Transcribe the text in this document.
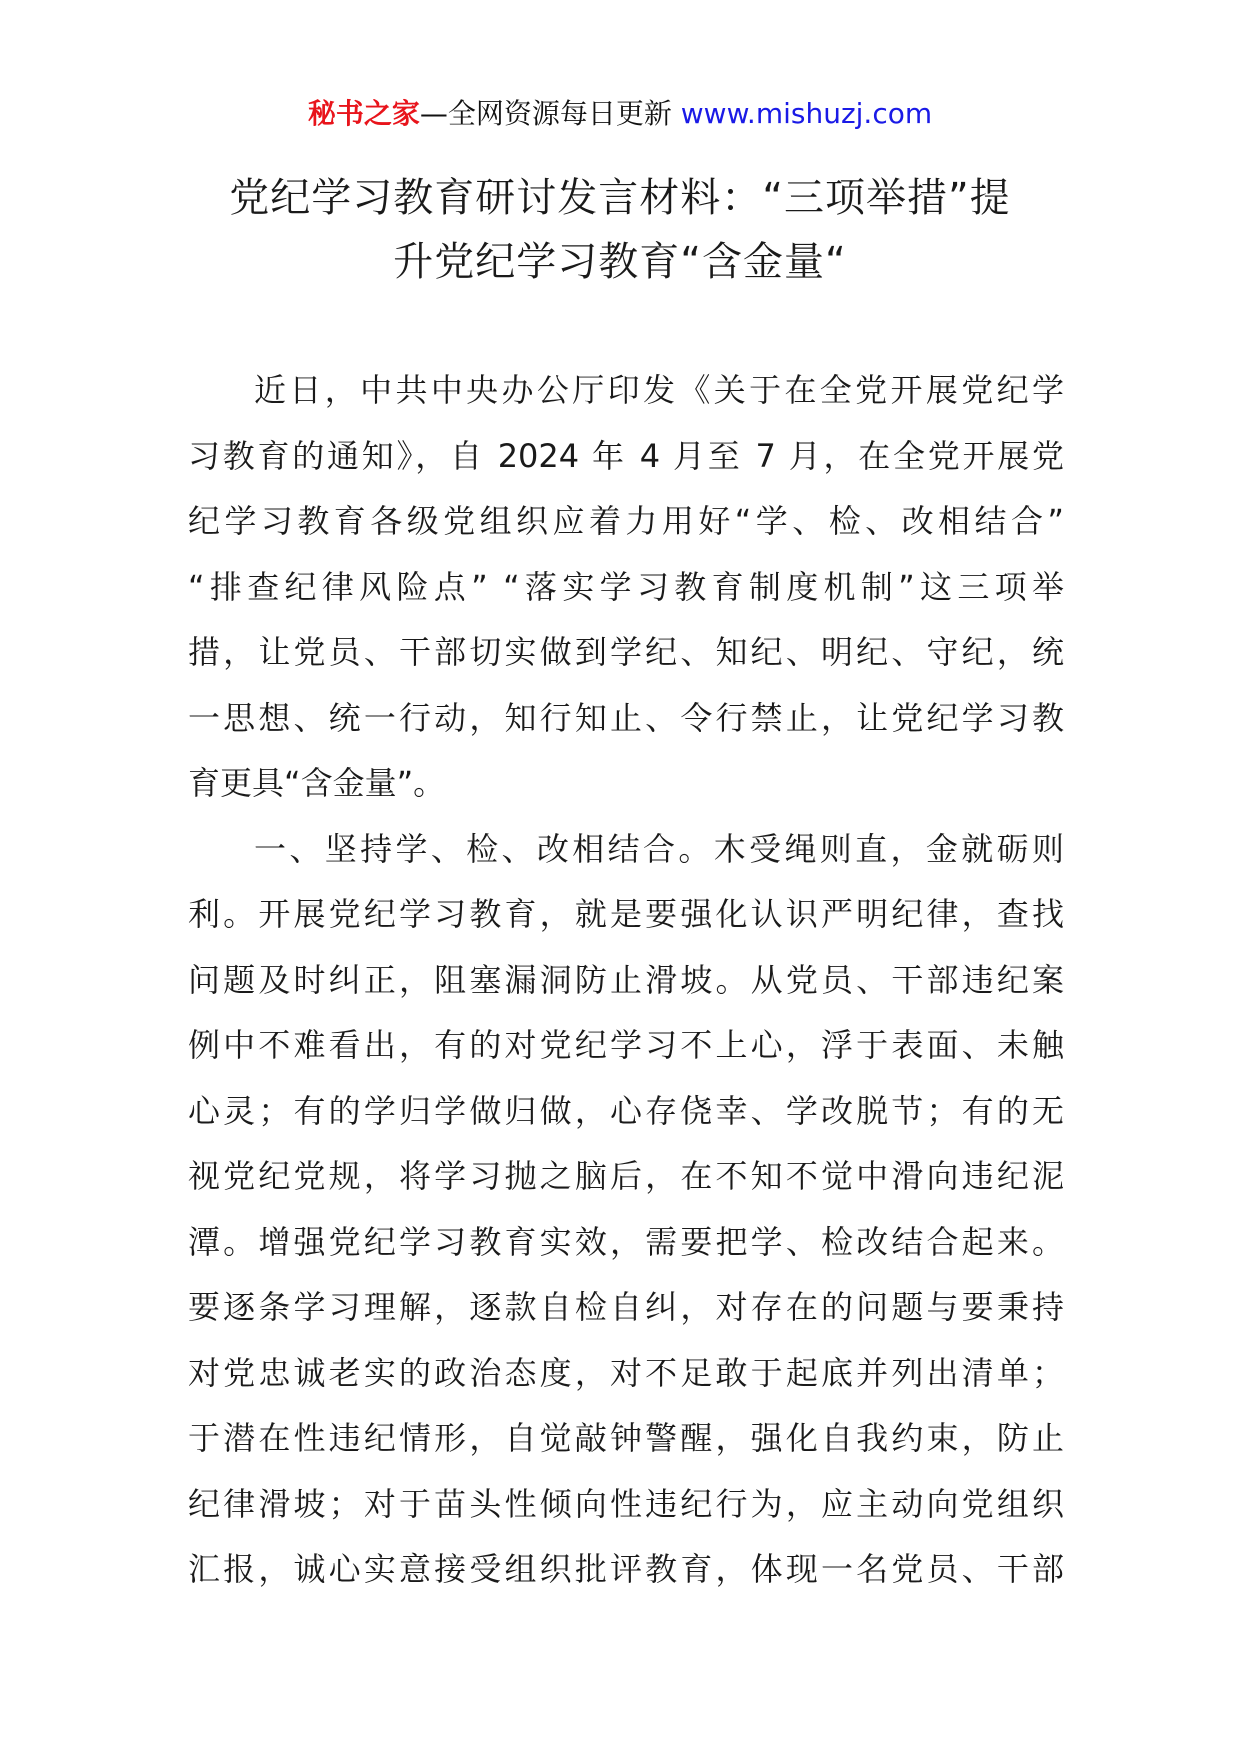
秘书之家—全网资源每日更新 www.mishuzj.com
党纪学习教育研讨发言材料：“三项举措”提
升党纪学习教育“含金量“
近日，中共中央办公厅印发《关于在全党开展党纪学
习教育的通知》，自 2024 年 4 月至 7 月，在全党开展党
纪学习教育各级党组织应着力用好“学、检、改相结合”
“排查纪律风险点” “落实学习教育制度机制”这三项举
措，让党员、干部切实做到学纪、知纪、明纪、守纪，统
一思想、统一行动，知行知止、令行禁止，让党纪学习教
育更具“含金量”。
一、坚持学、检、改相结合。木受绳则直，金就砺则
利。开展党纪学习教育，就是要强化认识严明纪律，查找
问题及时纠正，阻塞漏洞防止滑坡。从党员、干部违纪案
例中不难看出，有的对党纪学习不上心，浮于表面、未触
心灵；有的学归学做归做，心存侥幸、学改脱节；有的无
视党纪党规，将学习抛之脑后，在不知不觉中滑向违纪泥
潭。增强党纪学习教育实效，需要把学、检改结合起来。
要逐条学习理解，逐款自检自纠，对存在的问题与要秉持
对党忠诚老实的政治态度，对不足敢于起底并列出清单；
于潜在性违纪情形，自觉敲钟警醒，强化自我约束，防止
纪律滑坡；对于苗头性倾向性违纪行为，应主动向党组织
汇报，诚心实意接受组织批评教育，体现一名党员、干部
